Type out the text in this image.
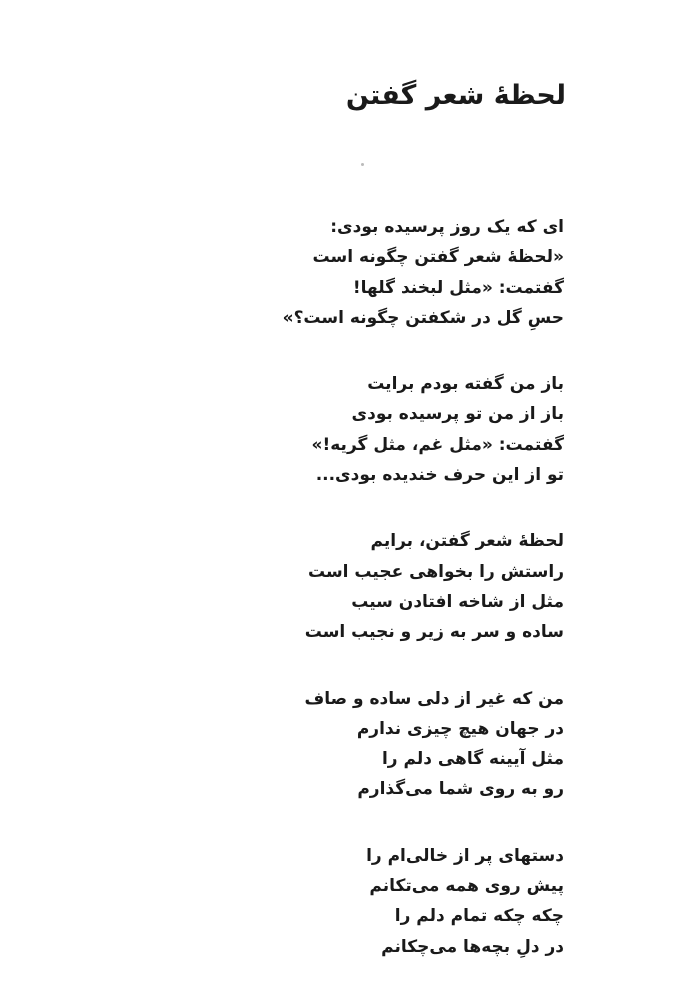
لحظهٔ شعر گفتن
ای که یک روز پرسیده بودی:
«لحظهٔ شعر گفتن چگونه است
گفتمت: «مثل لبخند گلها!
حسِ گل در شکفتن چگونه است؟»
باز من گفته بودم برایت
باز از من تو پرسیده بودی
گفتمت: «مثل غم، مثل گریه!»
تو از این حرف خندیده بودی...
لحظهٔ شعر گفتن، برایم
راستش را بخواهی عجیب است
مثل از شاخه افتادن سیب
ساده و سر به زیر و نجیب است
من که غیر از دلی ساده و صاف
در جهان هیچ چیزی ندارم
مثل آیینه گاهی دلم را
رو به روی شما می‌گذارم
دستهای پر از خالی‌ام را
پیش روی همه می‌تکانم
چکه چکه تمام دلم را
در دلِ بچه‌ها می‌چکانم
